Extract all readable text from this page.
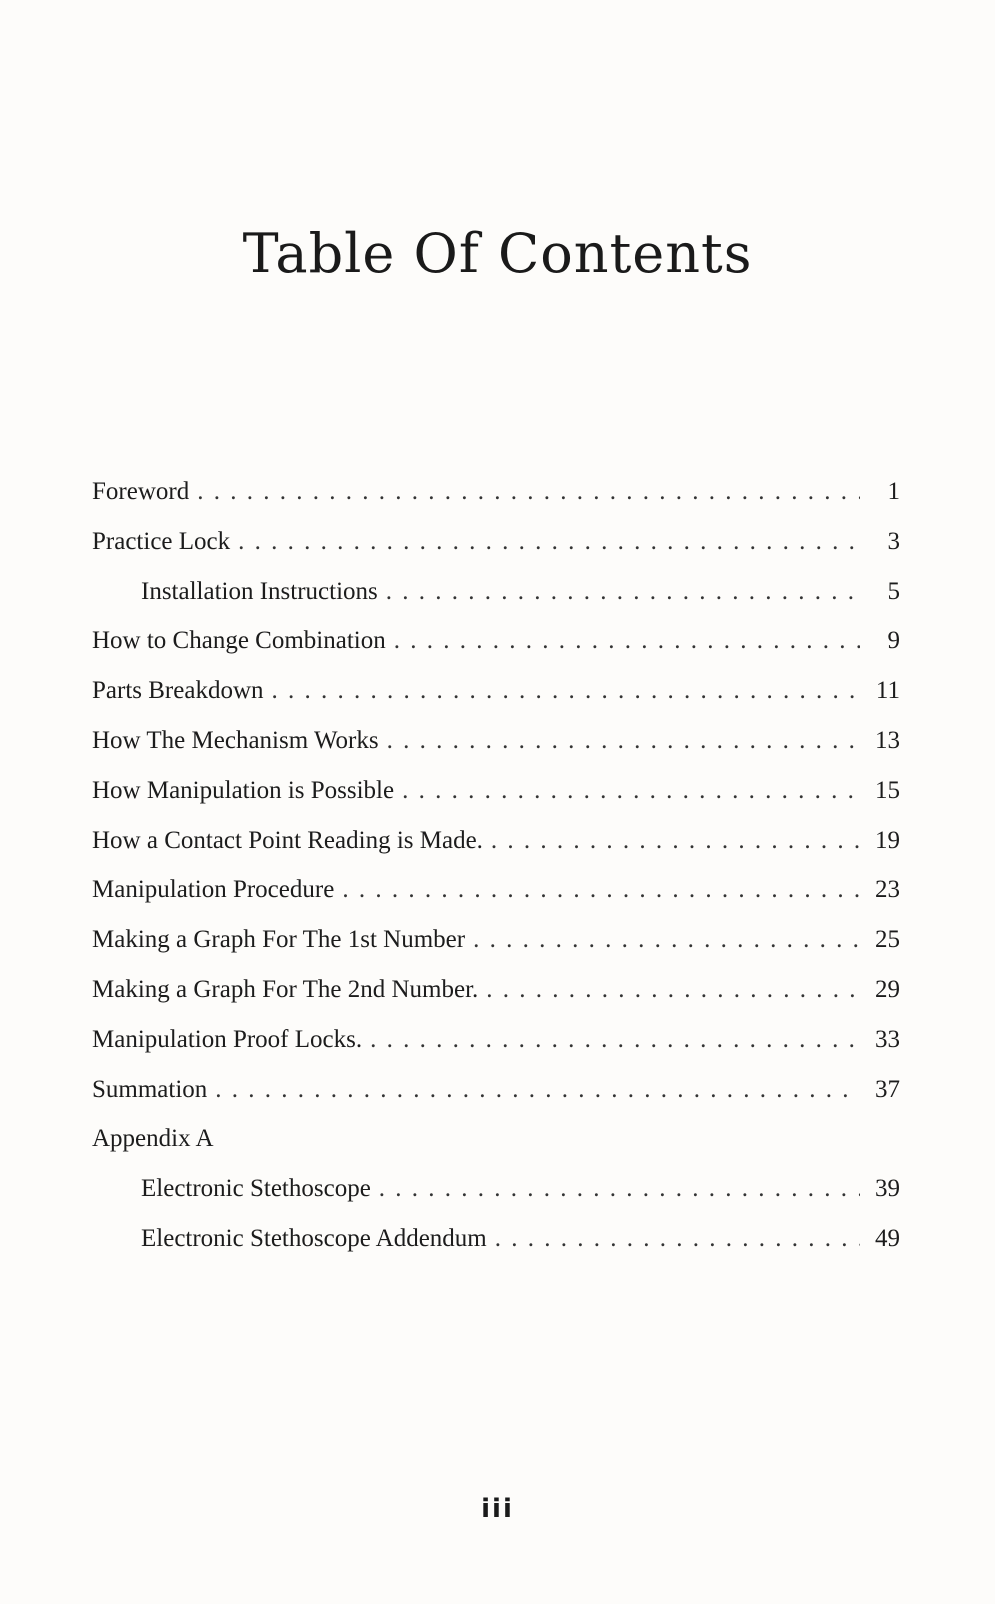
Table Of Contents
Foreword . . .	1
Practice Lock . . .	3
Installation Instructions . . .	5
How to Change Combination . . .	9
Parts Breakdown . . .	11
How The Mechanism Works . . .	13
How Manipulation is Possible . . .	15
How a Contact Point Reading is Made. . . .	19
Manipulation Procedure . . .	23
Making a Graph For The 1st Number . . .	25
Making a Graph For The 2nd Number. . . .	29
Manipulation Proof Locks. . . .	33
Summation . . .	37
Appendix A
Electronic Stethoscope . . .	39
Electronic Stethoscope Addendum . . .	49
iii
